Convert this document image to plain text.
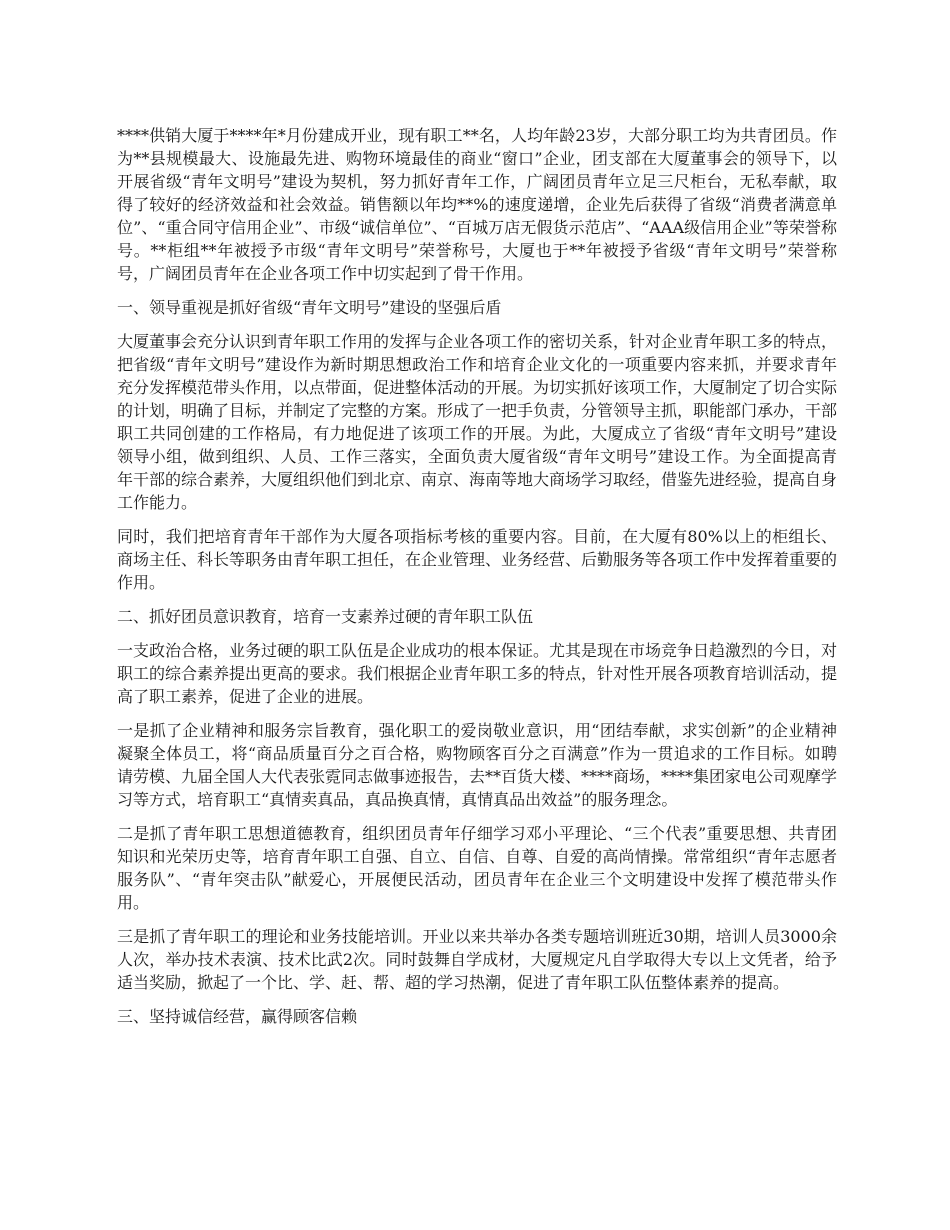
****供销大厦于****年*月份建成开业，现有职工**名，人均年龄23岁，大部分职工均为共青团员。作为**县规模最大、设施最先进、购物环境最佳的商业“窗口”企业，团支部在大厦董事会的领导下，以开展省级“青年文明号”建设为契机，努力抓好青年工作，广阔团员青年立足三尺柜台，无私奉献，取得了较好的经济效益和社会效益。销售额以年均**%的速度递增，企业先后获得了省级“消费者满意单位”、“重合同守信用企业”、市级“诚信单位”、“百城万店无假货示范店”、“AAA级信用企业”等荣誉称号。**柜组**年被授予市级“青年文明号”荣誉称号，大厦也于**年被授予省级“青年文明号”荣誉称号，广阔团员青年在企业各项工作中切实起到了骨干作用。

一、领导重视是抓好省级“青年文明号”建设的坚强后盾

大厦董事会充分认识到青年职工作用的发挥与企业各项工作的密切关系，针对企业青年职工多的特点，把省级“青年文明号”建设作为新时期思想政治工作和培育企业文化的一项重要内容来抓，并要求青年充分发挥模范带头作用，以点带面，促进整体活动的开展。为切实抓好该项工作，大厦制定了切合实际的计划，明确了目标，并制定了完整的方案。形成了一把手负责，分管领导主抓，职能部门承办，干部职工共同创建的工作格局，有力地促进了该项工作的开展。为此，大厦成立了省级“青年文明号”建设领导小组，做到组织、人员、工作三落实，全面负责大厦省级“青年文明号”建设工作。为全面提高青年干部的综合素养，大厦组织他们到北京、南京、海南等地大商场学习取经，借鉴先进经验，提高自身工作能力。

同时，我们把培育青年干部作为大厦各项指标考核的重要内容。目前，在大厦有80%以上的柜组长、商场主任、科长等职务由青年职工担任，在企业管理、业务经营、后勤服务等各项工作中发挥着重要的作用。

二、抓好团员意识教育，培育一支素养过硬的青年职工队伍

一支政治合格，业务过硬的职工队伍是企业成功的根本保证。尤其是现在市场竞争日趋激烈的今日，对职工的综合素养提出更高的要求。我们根据企业青年职工多的特点，针对性开展各项教育培训活动，提高了职工素养，促进了企业的进展。

一是抓了企业精神和服务宗旨教育，强化职工的爱岗敬业意识，用“团结奉献，求实创新”的企业精神凝聚全体员工，将“商品质量百分之百合格，购物顾客百分之百满意”作为一贯追求的工作目标。如聘请劳模、九届全国人大代表张霓同志做事迹报告，去**百货大楼、****商场，****集团家电公司观摩学习等方式，培育职工“真情卖真品，真品换真情，真情真品出效益”的服务理念。

二是抓了青年职工思想道德教育，组织团员青年仔细学习邓小平理论、“三个代表”重要思想、共青团知识和光荣历史等，培育青年职工自强、自立、自信、自尊、自爱的高尚情操。常常组织“青年志愿者服务队”、“青年突击队”献爱心，开展便民活动，团员青年在企业三个文明建设中发挥了模范带头作用。

三是抓了青年职工的理论和业务技能培训。开业以来共举办各类专题培训班近30期，培训人员3000余人次，举办技术表演、技术比武2次。同时鼓舞自学成材，大厦规定凡自学取得大专以上文凭者，给予适当奖励，掀起了一个比、学、赶、帮、超的学习热潮，促进了青年职工队伍整体素养的提高。

三、坚持诚信经营，赢得顾客信赖
